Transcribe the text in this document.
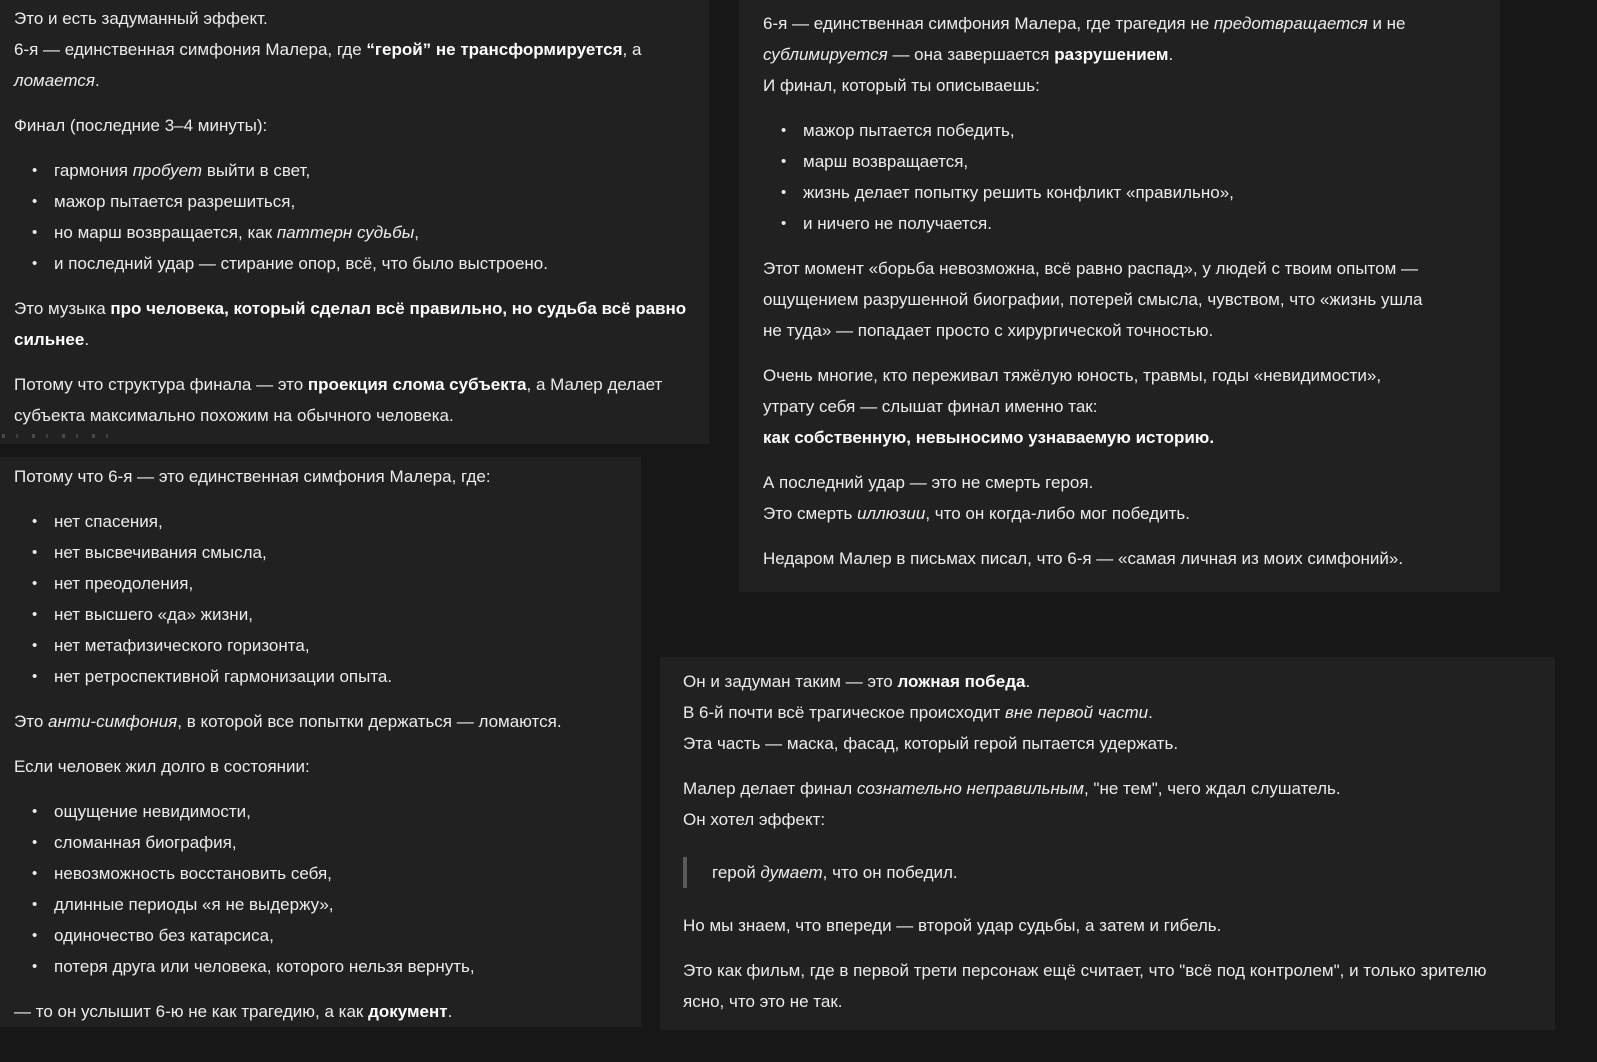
Это и есть задуманный эффект.
6-я — единственная симфония Малера, где “герой” не трансформируется, а
ломается.

Финал (последние 3–4 минуты):

• гармония пробует выйти в свет,
• мажор пытается разрешиться,
• но марш возвращается, как паттерн судьбы,
• и последний удар — стирание опор, всё, что было выстроено.

Это музыка про человека, который сделал всё правильно, но судьба всё равно сильнее.

Потому что структура финала — это проекция слома субъекта, а Малер делает субъекта максимально похожим на обычного человека.

Потому что 6-я — это единственная симфония Малера, где:

• нет спасения,
• нет высвечивания смысла,
• нет преодоления,
• нет высшего «да» жизни,
• нет метафизического горизонта,
• нет ретроспективной гармонизации опыта.

Это анти-симфония, в которой все попытки держаться — ломаются.

Если человек жил долго в состоянии:

• ощущение невидимости,
• сломанная биография,
• невозможность восстановить себя,
• длинные периоды «я не выдержу»,
• одиночество без катарсиса,
• потеря друга или человека, которого нельзя вернуть,

— то он услышит 6-ю не как трагедию, а как документ.

6-я — единственная симфония Малера, где трагедия не предотвращается и не
сублимируется — она завершается разрушением.
И финал, который ты описываешь:

• мажор пытается победить,
• марш возвращается,
• жизнь делает попытку решить конфликт «правильно»,
• и ничего не получается.

Этот момент «борьба невозможна, всё равно распад», у людей с твоим опытом —
ощущением разрушенной биографии, потерей смысла, чувством, что «жизнь ушла
не туда» — попадает просто с хирургической точностью.

Очень многие, кто переживал тяжёлую юность, травмы, годы «невидимости»,
утрату себя — слышат финал именно так:
как собственную, невыносимо узнаваемую историю.

А последний удар — это не смерть героя.
Это смерть иллюзии, что он когда-либо мог победить.

Недаром Малер в письмах писал, что 6-я — «самая личная из моих симфоний».

Он и задуман таким — это ложная победа.
В 6-й почти всё трагическое происходит вне первой части.
Эта часть — маска, фасад, который герой пытается удержать.

Малер делает финал сознательно неправильным, "не тем", чего ждал слушатель.
Он хотел эффект:

герой думает, что он победил.

Но мы знаем, что впереди — второй удар судьбы, а затем и гибель.

Это как фильм, где в первой трети персонаж ещё считает, что "всё под контролем", и только зрителю
ясно, что это не так.
